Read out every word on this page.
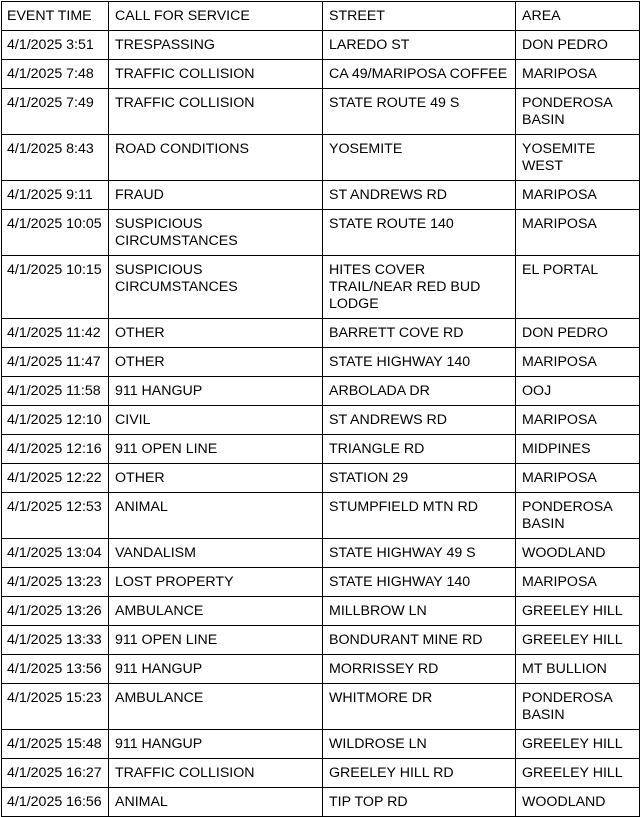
EVENT TIME	CALL FOR SERVICE	STREET	AREA
4/1/2025 3:51	TRESPASSING	LAREDO ST	DON PEDRO
4/1/2025 7:48	TRAFFIC COLLISION	CA 49/MARIPOSA COFFEE	MARIPOSA
4/1/2025 7:49	TRAFFIC COLLISION	STATE ROUTE 49 S	PONDEROSA BASIN
4/1/2025 8:43	ROAD CONDITIONS	YOSEMITE	YOSEMITE WEST
4/1/2025 9:11	FRAUD	ST ANDREWS RD	MARIPOSA
4/1/2025 10:05	SUSPICIOUS CIRCUMSTANCES	STATE ROUTE 140	MARIPOSA
4/1/2025 10:15	SUSPICIOUS CIRCUMSTANCES	HITES COVER TRAIL/NEAR RED BUD LODGE	EL PORTAL
4/1/2025 11:42	OTHER	BARRETT COVE RD	DON PEDRO
4/1/2025 11:47	OTHER	STATE HIGHWAY 140	MARIPOSA
4/1/2025 11:58	911 HANGUP	ARBOLADA DR	OOJ
4/1/2025 12:10	CIVIL	ST ANDREWS RD	MARIPOSA
4/1/2025 12:16	911 OPEN LINE	TRIANGLE RD	MIDPINES
4/1/2025 12:22	OTHER	STATION 29	MARIPOSA
4/1/2025 12:53	ANIMAL	STUMPFIELD MTN RD	PONDEROSA BASIN
4/1/2025 13:04	VANDALISM	STATE HIGHWAY 49 S	WOODLAND
4/1/2025 13:23	LOST PROPERTY	STATE HIGHWAY 140	MARIPOSA
4/1/2025 13:26	AMBULANCE	MILLBROW LN	GREELEY HILL
4/1/2025 13:33	911 OPEN LINE	BONDURANT MINE RD	GREELEY HILL
4/1/2025 13:56	911 HANGUP	MORRISSEY RD	MT BULLION
4/1/2025 15:23	AMBULANCE	WHITMORE DR	PONDEROSA BASIN
4/1/2025 15:48	911 HANGUP	WILDROSE LN	GREELEY HILL
4/1/2025 16:27	TRAFFIC COLLISION	GREELEY HILL RD	GREELEY HILL
4/1/2025 16:56	ANIMAL	TIP TOP RD	WOODLAND
